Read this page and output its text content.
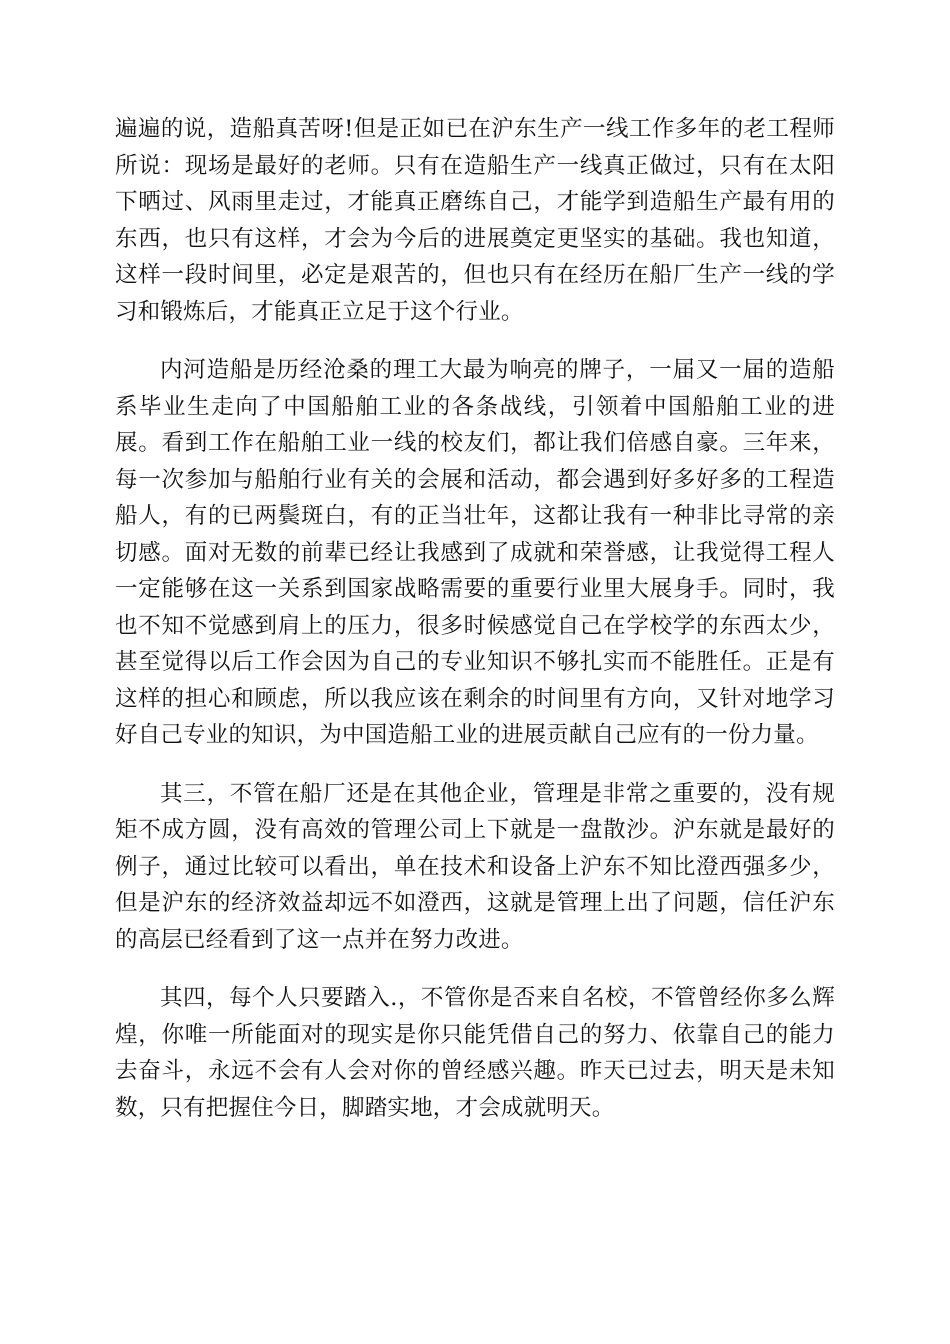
遍遍的说，造船真苦呀!但是正如已在沪东生产一线工作多年的老工程师所说：现场是最好的老师。只有在造船生产一线真正做过，只有在太阳下晒过、风雨里走过，才能真正磨练自己，才能学到造船生产最有用的东西，也只有这样，才会为今后的进展奠定更坚实的基础。我也知道，这样一段时间里，必定是艰苦的，但也只有在经历在船厂生产一线的学习和锻炼后，才能真正立足于这个行业。

内河造船是历经沧桑的理工大最为响亮的牌子，一届又一届的造船系毕业生走向了中国船舶工业的各条战线，引领着中国船舶工业的进展。看到工作在船舶工业一线的校友们，都让我们倍感自豪。三年来，每一次参加与船舶行业有关的会展和活动，都会遇到好多好多的工程造船人，有的已两鬓斑白，有的正当壮年，这都让我有一种非比寻常的亲切感。面对无数的前辈已经让我感到了成就和荣誉感，让我觉得工程人一定能够在这一关系到国家战略需要的重要行业里大展身手。同时，我也不知不觉感到肩上的压力，很多时候感觉自己在学校学的东西太少，甚至觉得以后工作会因为自己的专业知识不够扎实而不能胜任。正是有这样的担心和顾虑，所以我应该在剩余的时间里有方向，又针对地学习好自己专业的知识，为中国造船工业的进展贡献自己应有的一份力量。

其三，不管在船厂还是在其他企业，管理是非常之重要的，没有规矩不成方圆，没有高效的管理公司上下就是一盘散沙。沪东就是最好的例子，通过比较可以看出，单在技术和设备上沪东不知比澄西强多少，但是沪东的经济效益却远不如澄西，这就是管理上出了问题，信任沪东的高层已经看到了这一点并在努力改进。

其四，每个人只要踏入.，不管你是否来自名校，不管曾经你多么辉煌，你唯一所能面对的现实是你只能凭借自己的努力、依靠自己的能力去奋斗，永远不会有人会对你的曾经感兴趣。昨天已过去，明天是未知数，只有把握住今日，脚踏实地，才会成就明天。
